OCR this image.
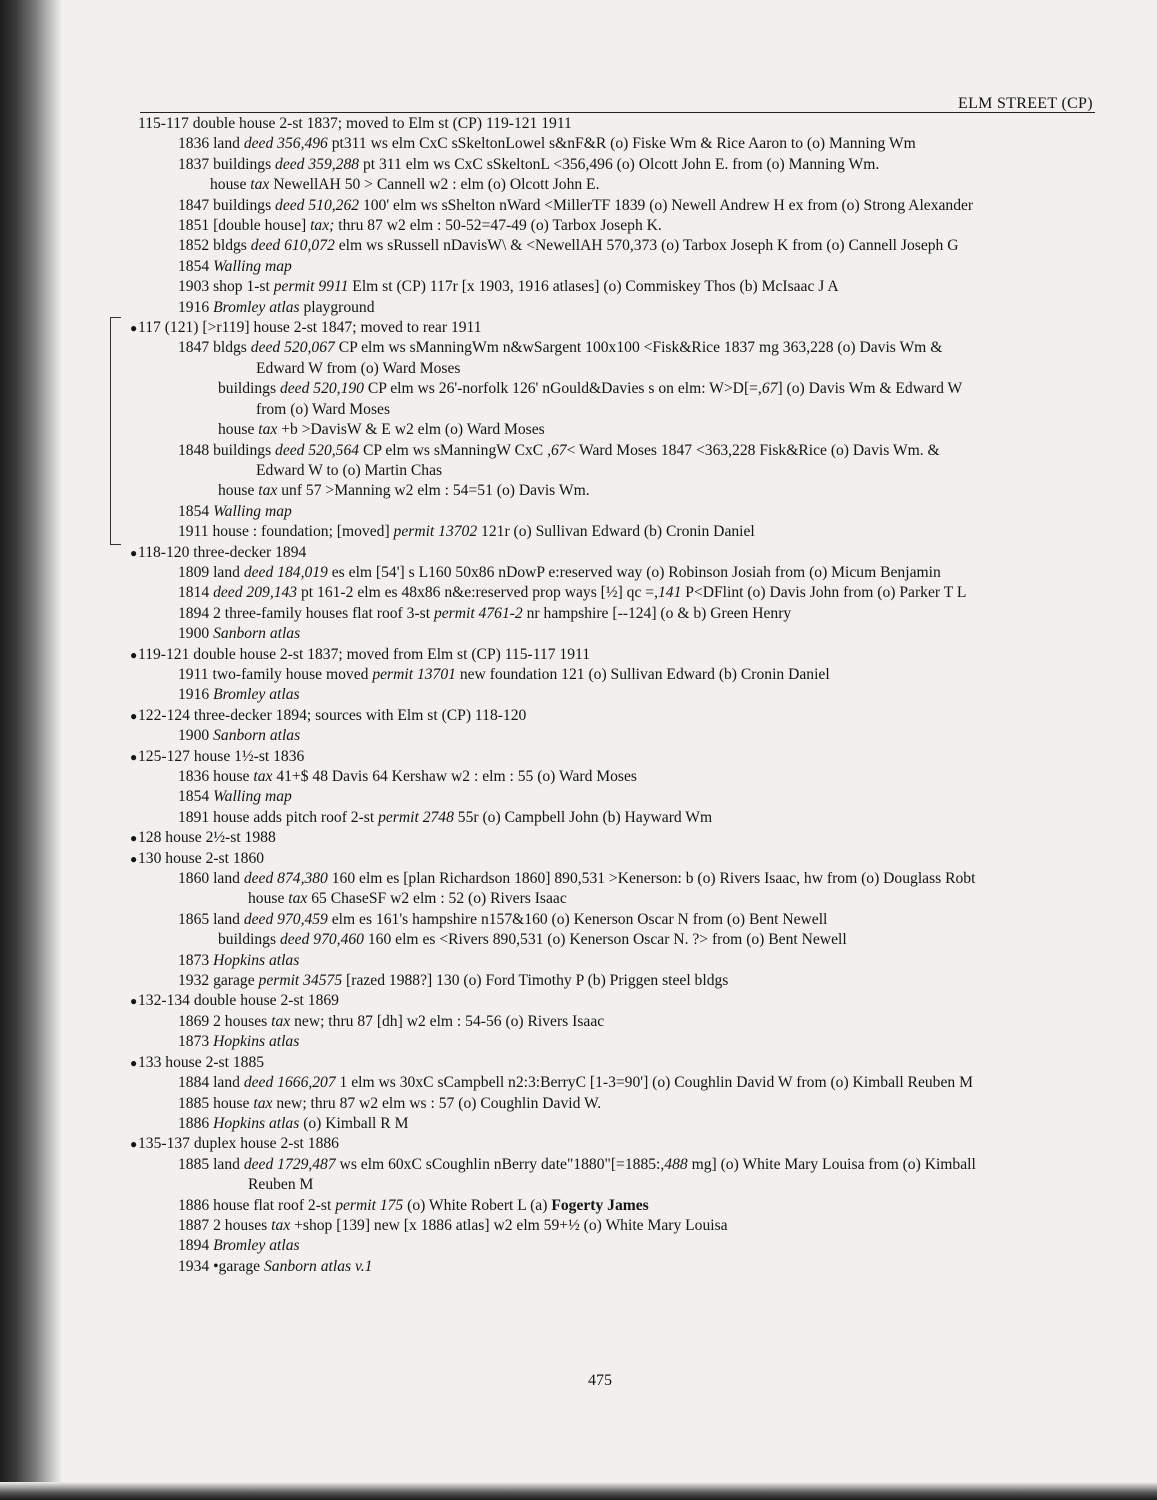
ELM STREET (CP)
115-117 double house 2-st 1837; moved to Elm st (CP) 119-121 1911
1836 land deed 356,496 pt311 ws elm CxC sSkeltonLowel s&nF&R (o) Fiske Wm & Rice Aaron to (o) Manning Wm
1837 buildings deed 359,288 pt 311 elm ws CxC sSkeltonL <356,496 (o) Olcott John E. from (o) Manning Wm.
house tax NewellAH 50 > Cannell w2 : elm (o) Olcott John E.
1847 buildings deed 510,262 100' elm ws sShelton nWard <MillerTF 1839 (o) Newell Andrew H ex from (o) Strong Alexander
1851 [double house] tax; thru 87 w2 elm : 50-52=47-49 (o) Tarbox Joseph K.
1852 bldgs deed 610,072 elm ws sRussell nDavisW\ & <NewellAH 570,373 (o) Tarbox Joseph K from (o) Cannell Joseph G
1854 Walling map
1903 shop 1-st permit 9911 Elm st (CP) 117r [x 1903, 1916 atlases] (o) Commiskey Thos (b) McIsaac J A
1916 Bromley atlas playground
● 117 (121) [>r119] house 2-st 1847; moved to rear 1911
1847 bldgs deed 520,067 CP elm ws sManningWm n&wSargent 100x100 <Fisk&Rice 1837 mg 363,228 (o) Davis Wm &
Edward W from (o) Ward Moses
buildings deed 520,190 CP elm ws 26'-norfolk 126' nGould&Davies s on elm: W>D[=,67] (o) Davis Wm & Edward W
from (o) Ward Moses
house tax +b >DavisW & E w2 elm (o) Ward Moses
1848 buildings deed 520,564 CP elm ws sManningW CxC ,67< Ward Moses 1847 <363,228 Fisk&Rice (o) Davis Wm. &
Edward W to (o) Martin Chas
house tax unf 57 >Manning w2 elm : 54=51 (o) Davis Wm.
1854 Walling map
1911 house : foundation; [moved] permit 13702 121r (o) Sullivan Edward (b) Cronin Daniel
● 118-120 three-decker 1894
1809 land deed 184,019 es elm [54'] s L160 50x86 nDowP e:reserved way (o) Robinson Josiah from (o) Micum Benjamin
1814 deed 209,143 pt 161-2 elm es 48x86 n&e:reserved prop ways [½] qc =,141 P<DFlint (o) Davis John from (o) Parker T L
1894 2 three-family houses flat roof 3-st permit 4761-2 nr hampshire [--124] (o & b) Green Henry
1900 Sanborn atlas
● 119-121 double house 2-st 1837; moved from Elm st (CP) 115-117 1911
1911 two-family house moved permit 13701 new foundation 121 (o) Sullivan Edward (b) Cronin Daniel
1916 Bromley atlas
● 122-124 three-decker 1894; sources with Elm st (CP) 118-120
1900 Sanborn atlas
● 125-127 house 1½-st 1836
1836 house tax 41+$ 48 Davis 64 Kershaw w2 : elm : 55 (o) Ward Moses
1854 Walling map
1891 house adds pitch roof 2-st permit 2748 55r (o) Campbell John (b) Hayward Wm
● 128 house 2½-st 1988
● 130 house 2-st 1860
1860 land deed 874,380 160 elm es [plan Richardson 1860] 890,531 >Kenerson: b (o) Rivers Isaac, hw from (o) Douglass Robt
house tax 65 ChaseSF w2 elm : 52 (o) Rivers Isaac
1865 land deed 970,459 elm es 161's hampshire n157&160 (o) Kenerson Oscar N from (o) Bent Newell
buildings deed 970,460 160 elm es <Rivers 890,531 (o) Kenerson Oscar N. ?> from (o) Bent Newell
1873 Hopkins atlas
1932 garage permit 34575 [razed 1988?] 130 (o) Ford Timothy P (b) Priggen steel bldgs
● 132-134 double house 2-st 1869
1869 2 houses tax new; thru 87 [dh] w2 elm : 54-56 (o) Rivers Isaac
1873 Hopkins atlas
● 133 house 2-st 1885
1884 land deed 1666,207 1 elm ws 30xC sCampbell n2:3:BerryC [1-3=90'] (o) Coughlin David W from (o) Kimball Reuben M
1885 house tax new; thru 87 w2 elm ws : 57 (o) Coughlin David W.
1886 Hopkins atlas (o) Kimball R M
● 135-137 duplex house 2-st 1886
1885 land deed 1729,487 ws elm 60xC sCoughlin nBerry date"1880"[=1885:,488 mg] (o) White Mary Louisa from (o) Kimball
Reuben M
1886 house flat roof 2-st permit 175 (o) White Robert L (a) Fogerty James
1887 2 houses tax +shop [139] new [x 1886 atlas] w2 elm 59+½ (o) White Mary Louisa
1894 Bromley atlas
1934 •garage Sanborn atlas v.1
475
